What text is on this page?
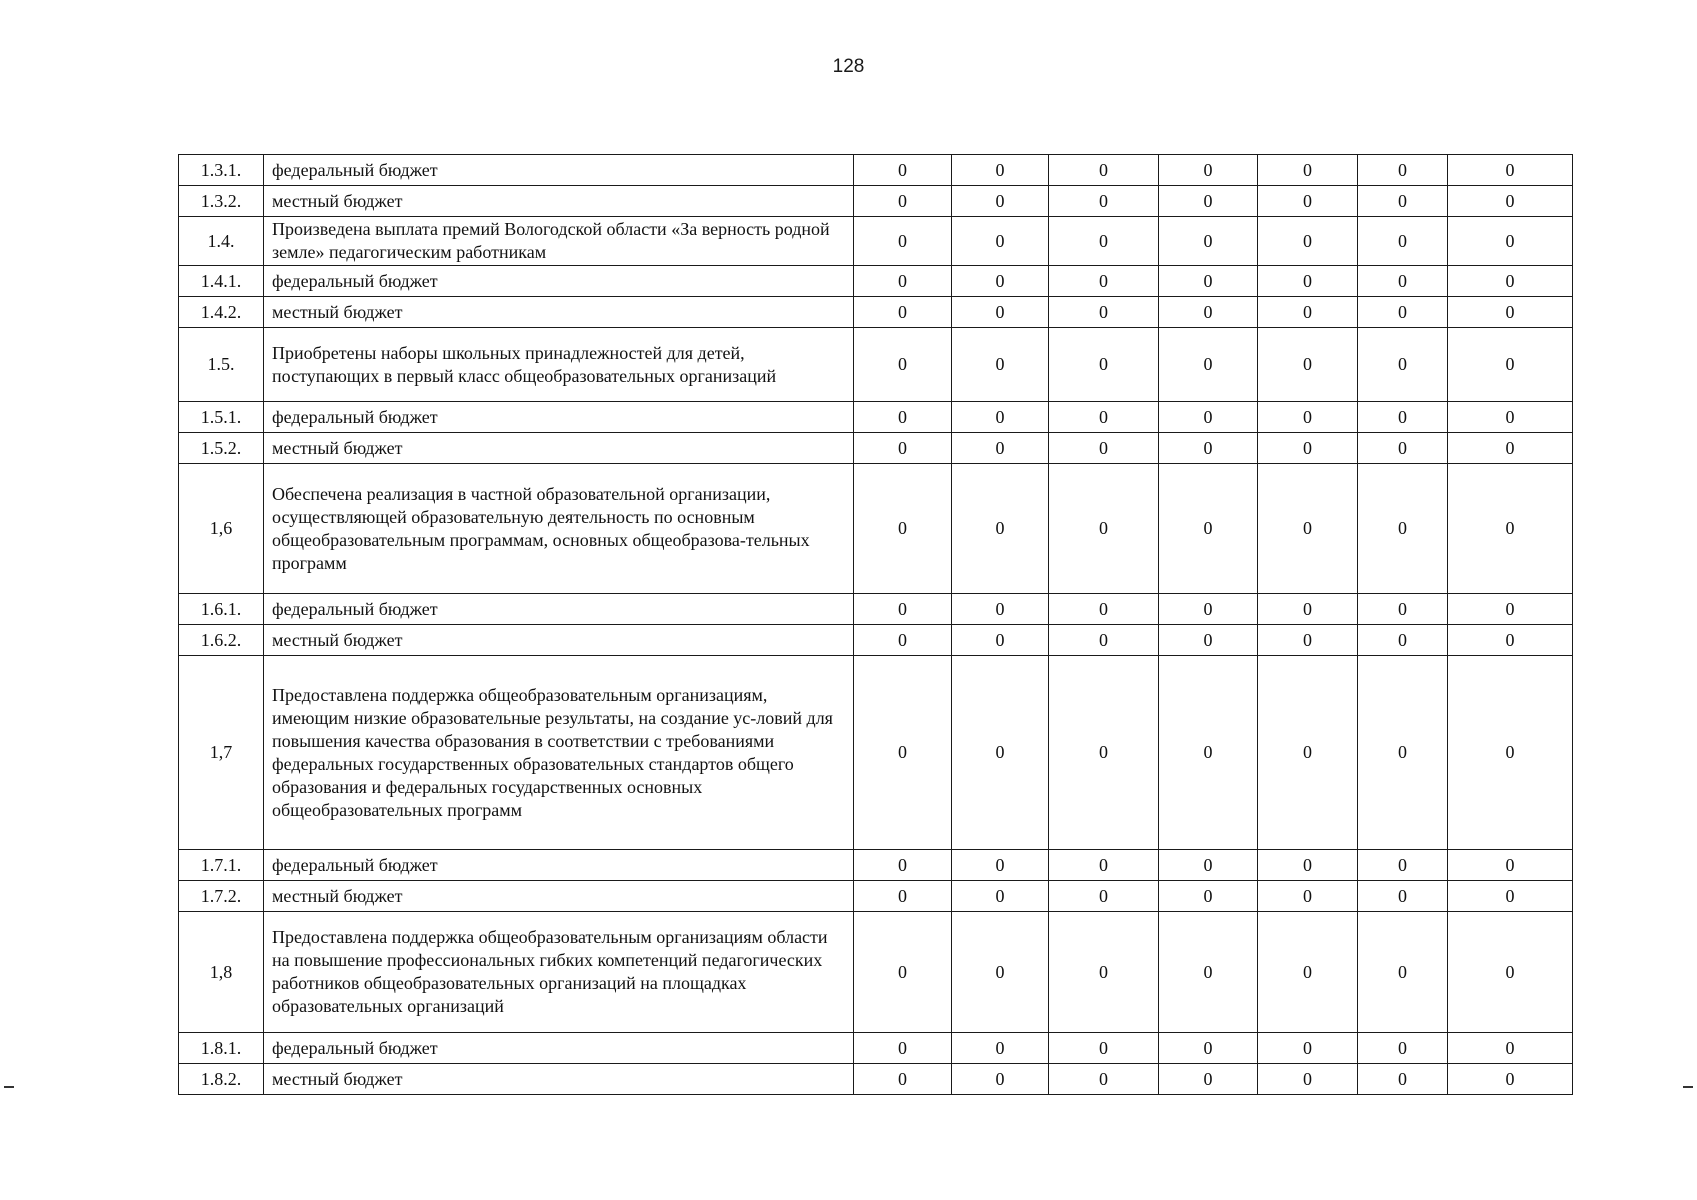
128
1.3.1.	федеральный бюджет	0	0	0	0	0	0	0
1.3.2.	местный бюджет	0	0	0	0	0	0	0
1.4.	Произведена выплата премий Вологодской области «За верность родной земле» педагогическим работникам	0	0	0	0	0	0	0
1.4.1.	федеральный бюджет	0	0	0	0	0	0	0
1.4.2.	местный бюджет	0	0	0	0	0	0	0
1.5.	Приобретены наборы школьных принадлежностей для детей, поступающих в первый класс общеобразовательных организаций	0	0	0	0	0	0	0
1.5.1.	федеральный бюджет	0	0	0	0	0	0	0
1.5.2.	местный бюджет	0	0	0	0	0	0	0
1,6	Обеспечена реализация в частной образовательной организации, осуществляющей образовательную деятельность по основным общеобразовательным программам, основных общеобразова-тельных программ	0	0	0	0	0	0	0
1.6.1.	федеральный бюджет	0	0	0	0	0	0	0
1.6.2.	местный бюджет	0	0	0	0	0	0	0
1,7	Предоставлена поддержка общеобразовательным организациям, имеющим низкие образовательные результаты, на создание ус-ловий для повышения качества образования в соответствии с требованиями федеральных государственных образовательных стандартов общего образования и федеральных государственных основных общеобразовательных программ	0	0	0	0	0	0	0
1.7.1.	федеральный бюджет	0	0	0	0	0	0	0
1.7.2.	местный бюджет	0	0	0	0	0	0	0
1,8	Предоставлена поддержка общеобразовательным организациям области на повышение профессиональных гибких компетенций педагогических работников общеобразовательных организаций на площадках образовательных организаций	0	0	0	0	0	0	0
1.8.1.	федеральный бюджет	0	0	0	0	0	0	0
1.8.2.	местный бюджет	0	0	0	0	0	0	0
